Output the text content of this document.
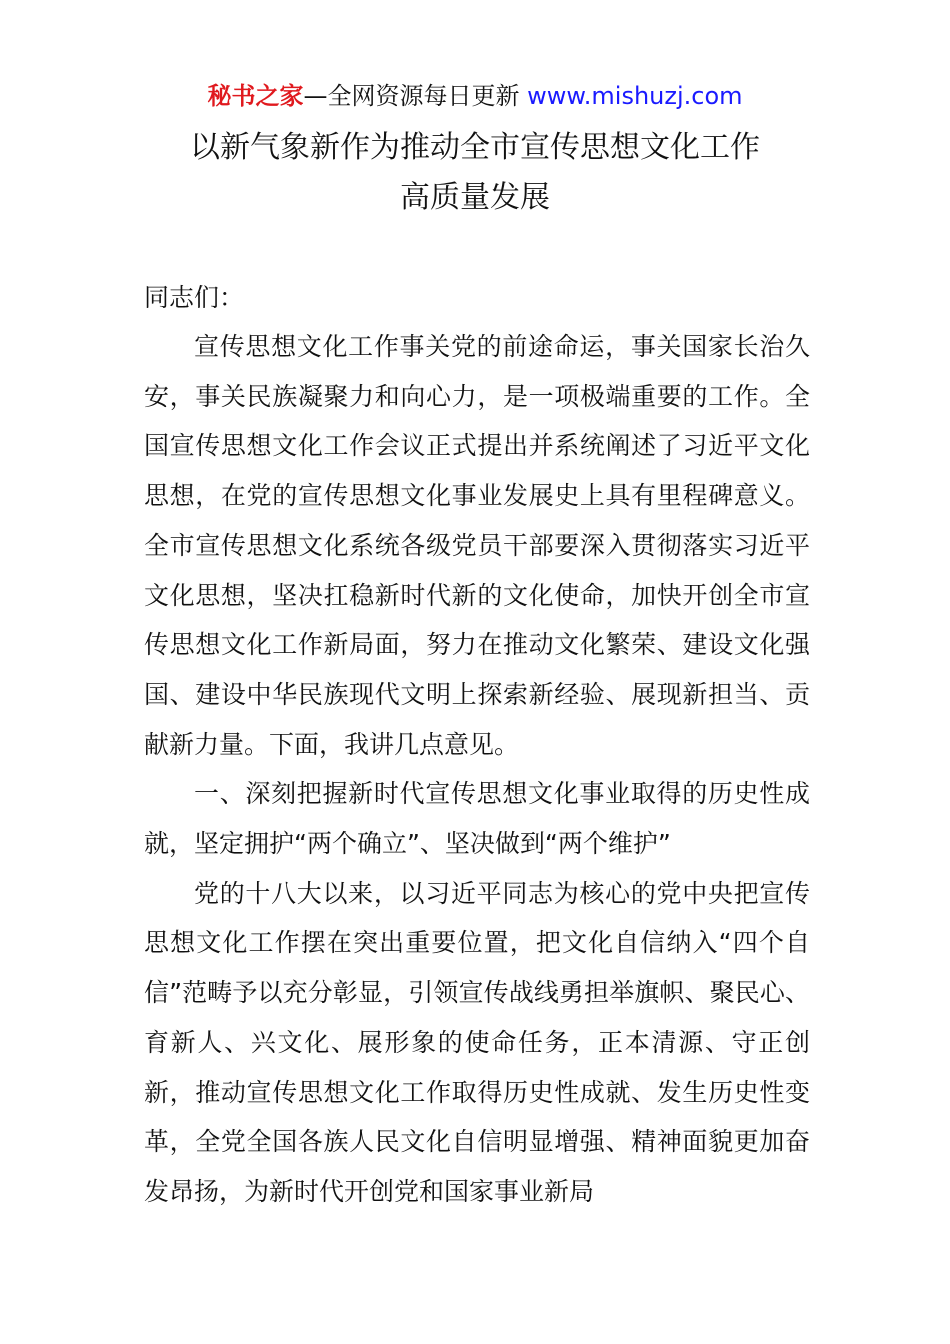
秘书之家—全网资源每日更新 www.mishuzj.com
以新气象新作为推动全市宣传思想文化工作
高质量发展
同志们：

宣传思想文化工作事关党的前途命运，事关国家长治久安，事关民族凝聚力和向心力，是一项极端重要的工作。全国宣传思想文化工作会议正式提出并系统阐述了习近平文化思想，在党的宣传思想文化事业发展史上具有里程碑意义。全市宣传思想文化系统各级党员干部要深入贯彻落实习近平文化思想，坚决扛稳新时代新的文化使命，加快开创全市宣传思想文化工作新局面，努力在推动文化繁荣、建设文化强国、建设中华民族现代文明上探索新经验、展现新担当、贡献新力量。下面，我讲几点意见。

一、深刻把握新时代宣传思想文化事业取得的历史性成就，坚定拥护“两个确立”、坚决做到“两个维护”

党的十八大以来，以习近平同志为核心的党中央把宣传思想文化工作摆在突出重要位置，把文化自信纳入“四个自信”范畴予以充分彰显，引领宣传战线勇担举旗帜、聚民心、育新人、兴文化、展形象的使命任务，正本清源、守正创新，推动宣传思想文化工作取得历史性成就、发生历史性变革，全党全国各族人民文化自信明显增强、精神面貌更加奋发昂扬，为新时代开创党和国家事业新局
